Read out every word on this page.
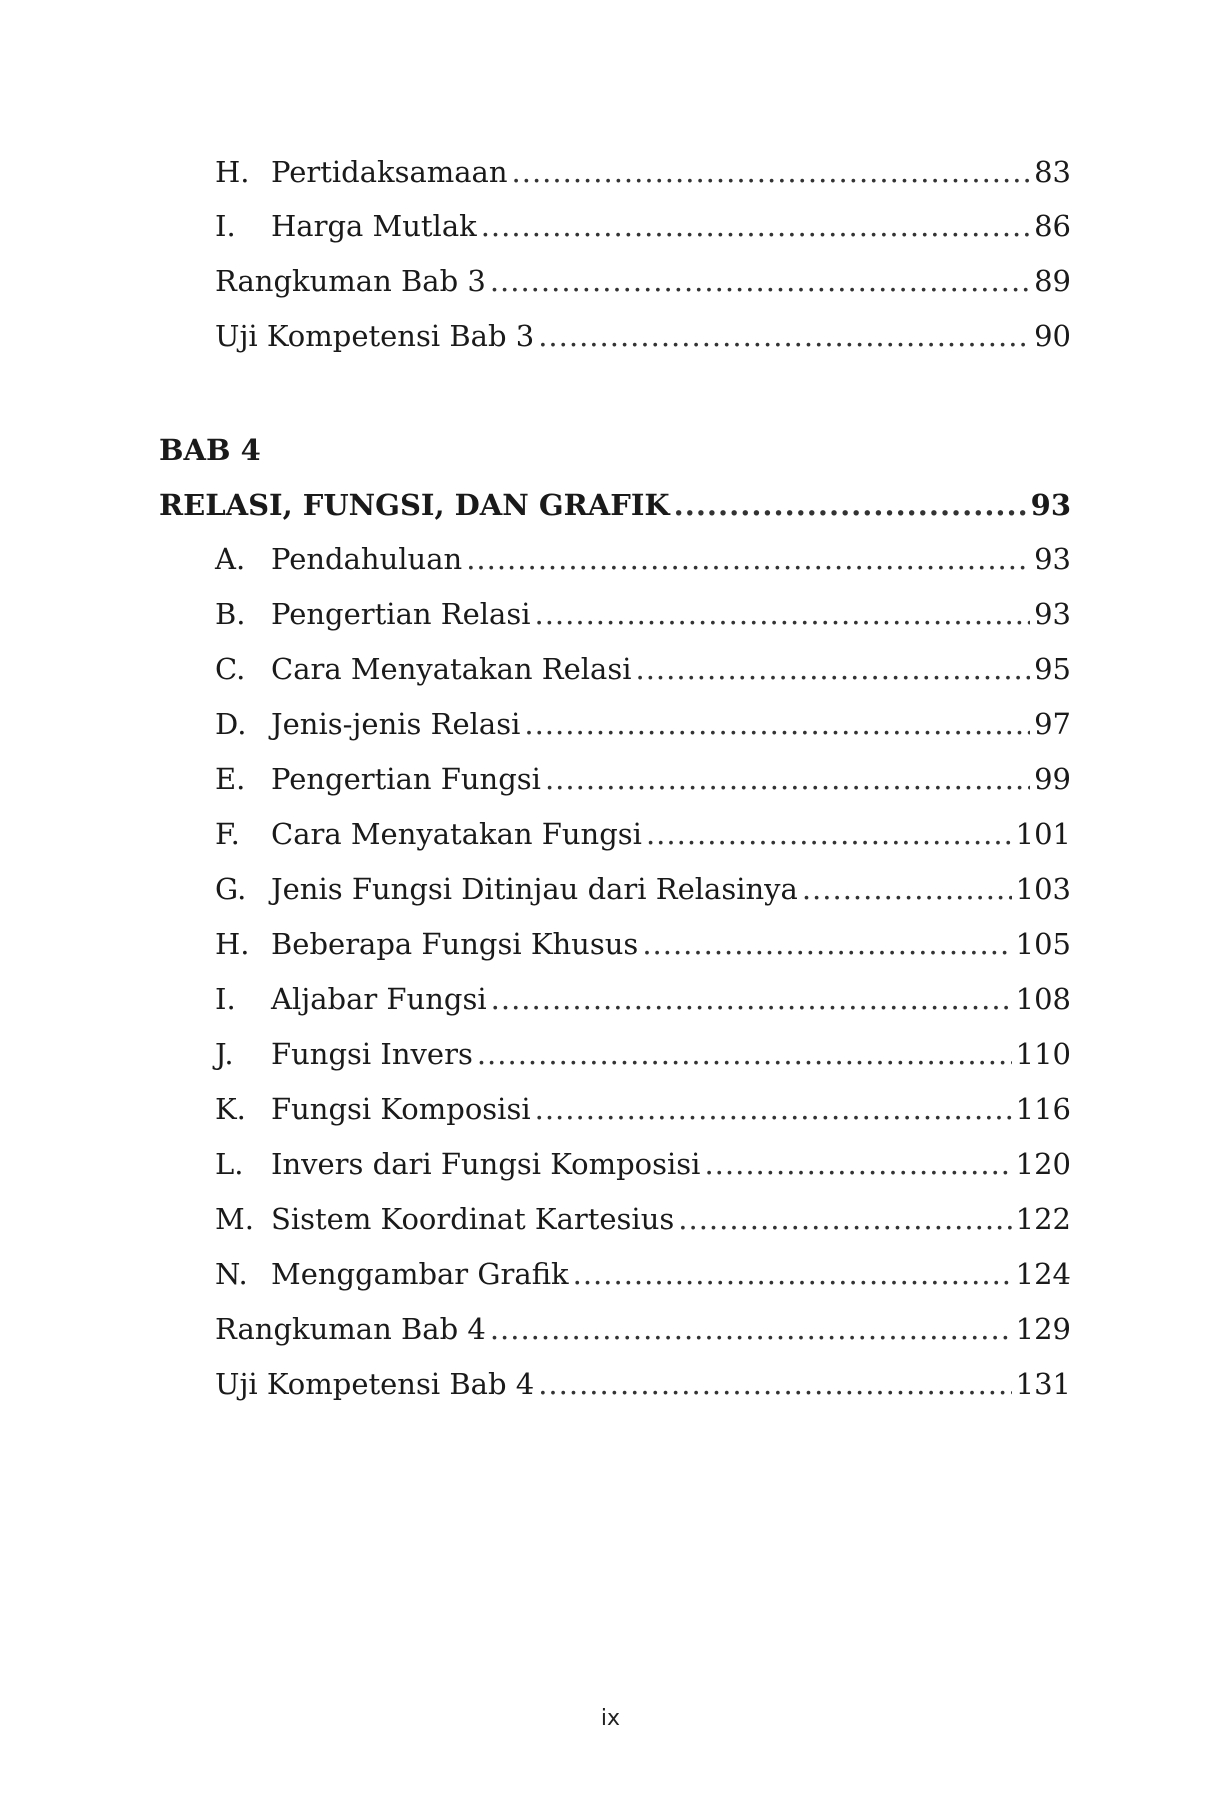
H. Pertidaksamaan .....	83
I.	Harga Mutlak .....	86
Rangkuman Bab 3 .....	89
Uji Kompetensi Bab 3 .....	90
BAB 4
RELASI, FUNGSI, DAN GRAFIK .....	93
A. Pendahuluan .....	93
B. Pengertian Relasi .....	93
C. Cara Menyatakan Relasi .....	95
D. Jenis-jenis Relasi .....	97
E. Pengertian Fungsi .....	99
F.	Cara Menyatakan Fungsi .....	101
G. Jenis Fungsi Ditinjau dari Relasinya .....	103
H. Beberapa Fungsi Khusus .....	105
I.	Aljabar Fungsi .....	108
J.	Fungsi Invers .....	110
K. Fungsi Komposisi .....	116
L. Invers dari Fungsi Komposisi .....	120
M. Sistem Koordinat Kartesius .....	122
N. Menggambar Grafik .....	124
Rangkuman Bab 4 .....	129
Uji Kompetensi Bab 4 .....	131
ix
